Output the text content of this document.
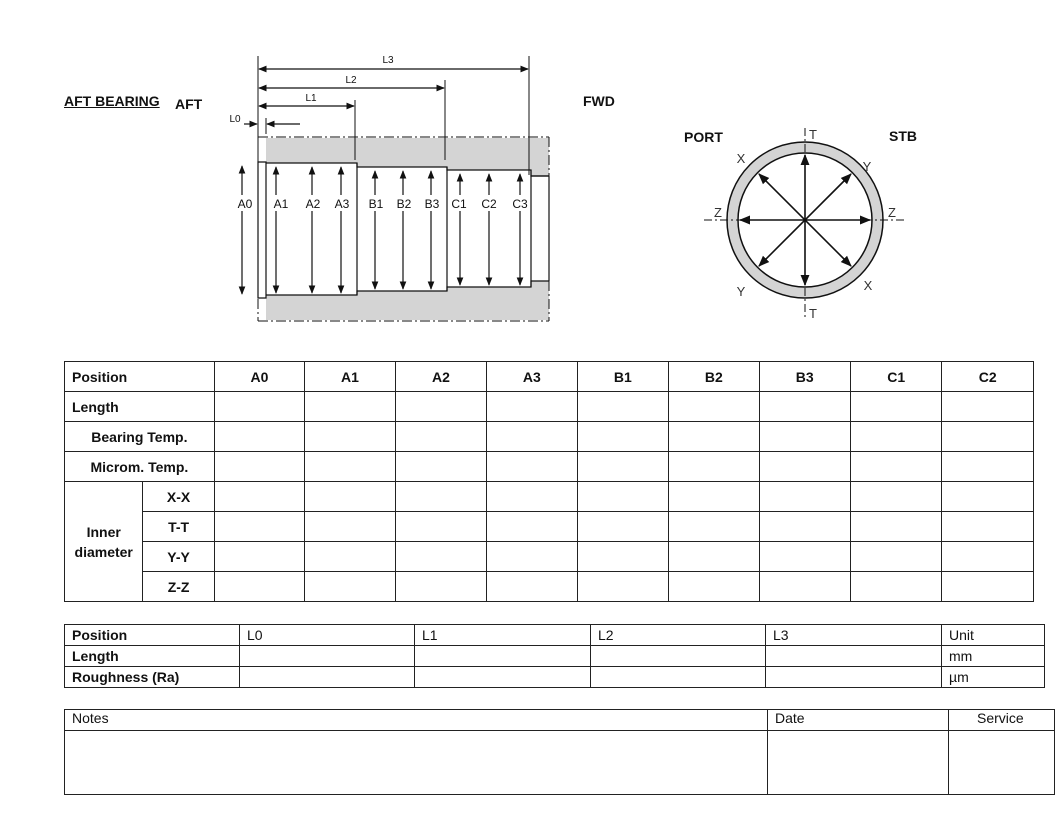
AFT BEARING AFT	FWD
L3
L2
L1
L0
A0 A1 A2 A3 B1 B2 B3 C1 C2 C3
PORT	STB
T
T
X
X
Y
Y
Z	Z
Position		A0	A1	A2	A3	B1	B2	B3	C1	C2
Length										
Bearing Temp.										
Microm. Temp.										
Inner
diameter	X-X									
	T-T									
	Y-Y									
	Z-Z									
Position	L0	L1	L2	L3	Unit
Length					mm
Roughness (Ra)					µm
Notes	Date	Service
